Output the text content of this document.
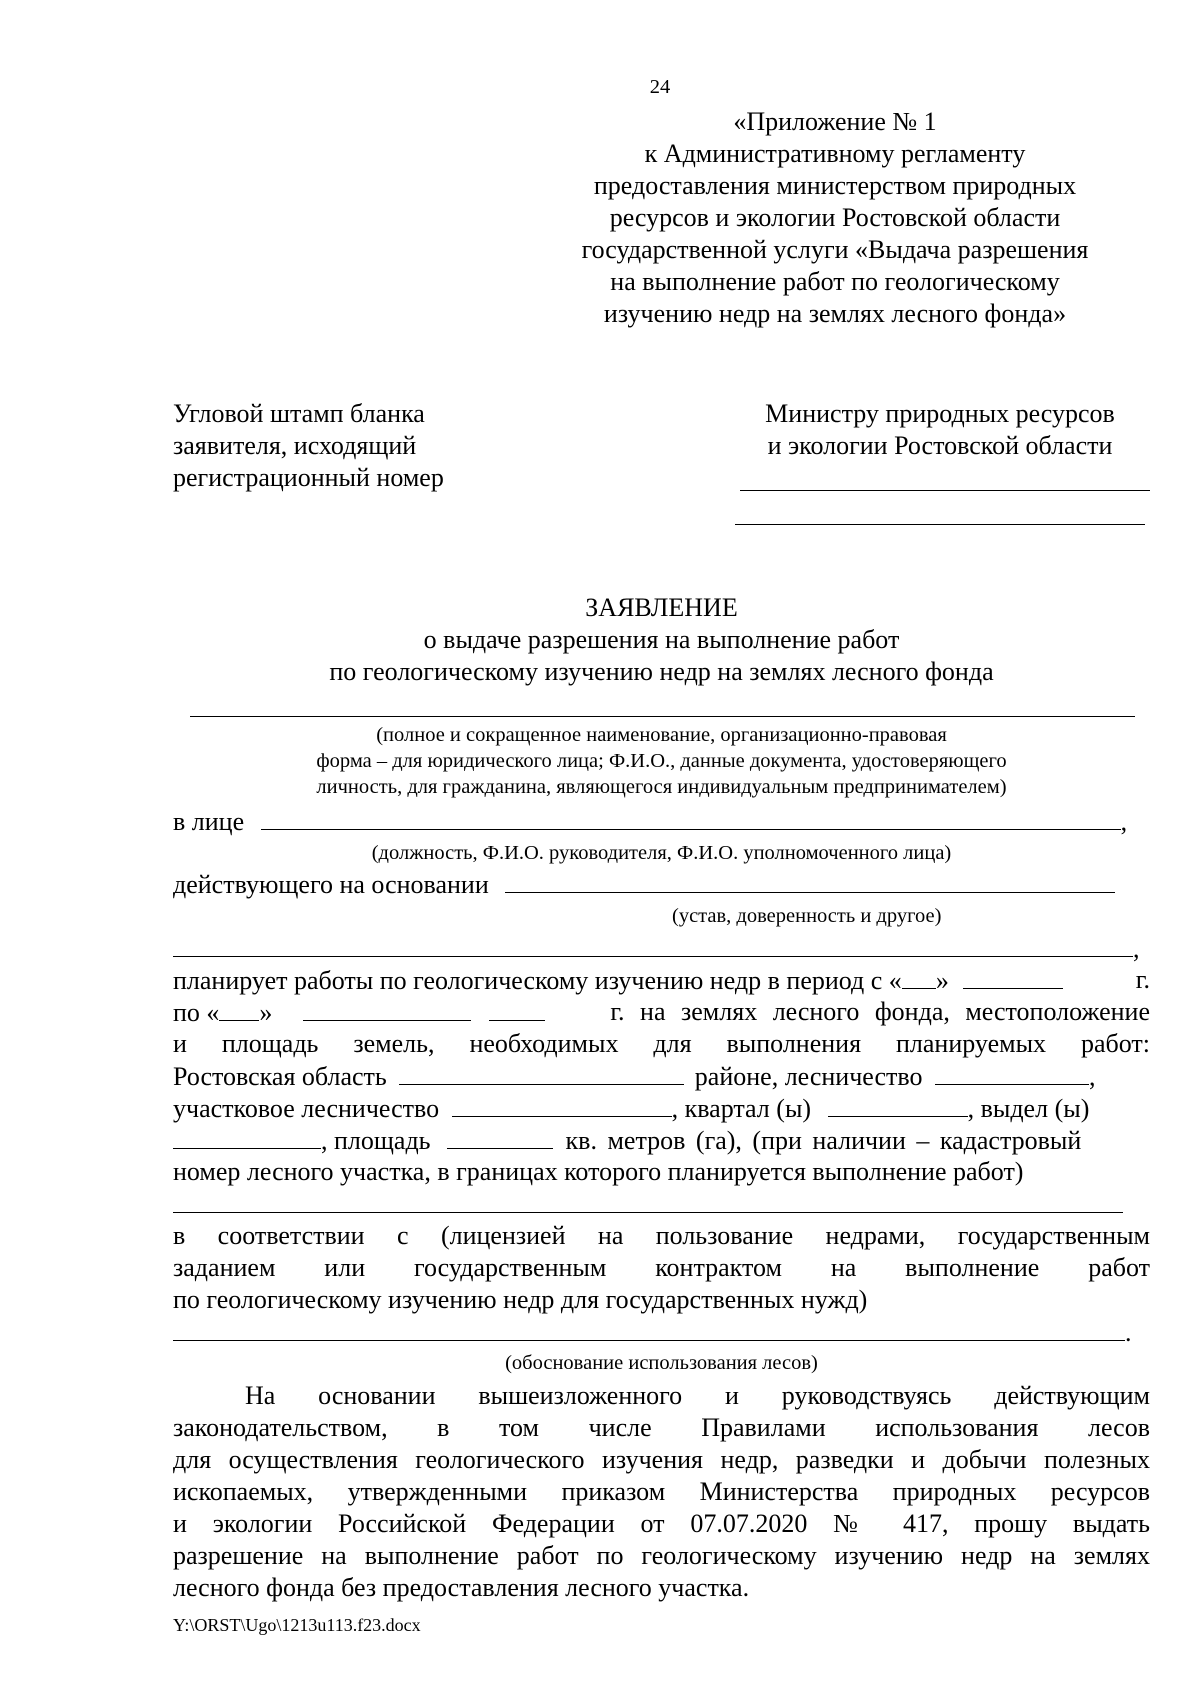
24
«Приложение № 1
к Административному регламенту
предоставления министерством природных
ресурсов и экологии Ростовской области
государственной услуги «Выдача разрешения
на выполнение работ по геологическому
изучению недр на землях лесного фонда»
Угловой штамп бланка
заявителя, исходящий
регистрационный номер
Министру природных ресурсов
и экологии Ростовской области
ЗАЯВЛЕНИЕ
о выдаче разрешения на выполнение работ
по геологическому изучению недр на землях лесного фонда
(полное и сокращенное наименование, организационно-правовая
форма – для юридического лица; Ф.И.О., данные документа, удостоверяющего
личность, для гражданина, являющегося индивидуальным предпринимателем)
в лице	,
(должность, Ф.И.О. руководителя, Ф.И.О. уполномоченного лица)
действующего на основании
(устав, доверенность и другое)
,
планирует работы по геологическому изучению недр в период с « »	г.
по « »	г. на землях лесного фонда, местоположение
и площадь земель, необходимых для выполнения планируемых работ:
Ростовская область	районе, лесничество	,
участковое лесничество	, квартал (ы)	, выдел (ы)
, площадь	кв. метров (га), (при наличии – кадастровый
номер лесного участка, в границах которого планируется выполнение работ)
в соответствии с (лицензией на пользование недрами, государственным
заданием или государственным контрактом на выполнение работ
по геологическому изучению недр для государственных нужд)
.
(обоснование использования лесов)
На основании вышеизложенного и руководствуясь действующим
законодательством, в том числе Правилами использования лесов
для осуществления геологического изучения недр, разведки и добычи полезных
ископаемых, утвержденными приказом Министерства природных ресурсов
и экологии Российской Федерации от 07.07.2020 № 417, прошу выдать
разрешение на выполнение работ по геологическому изучению недр на землях
лесного фонда без предоставления лесного участка.
Y:\ORST\Ugo\1213u113.f23.docx
